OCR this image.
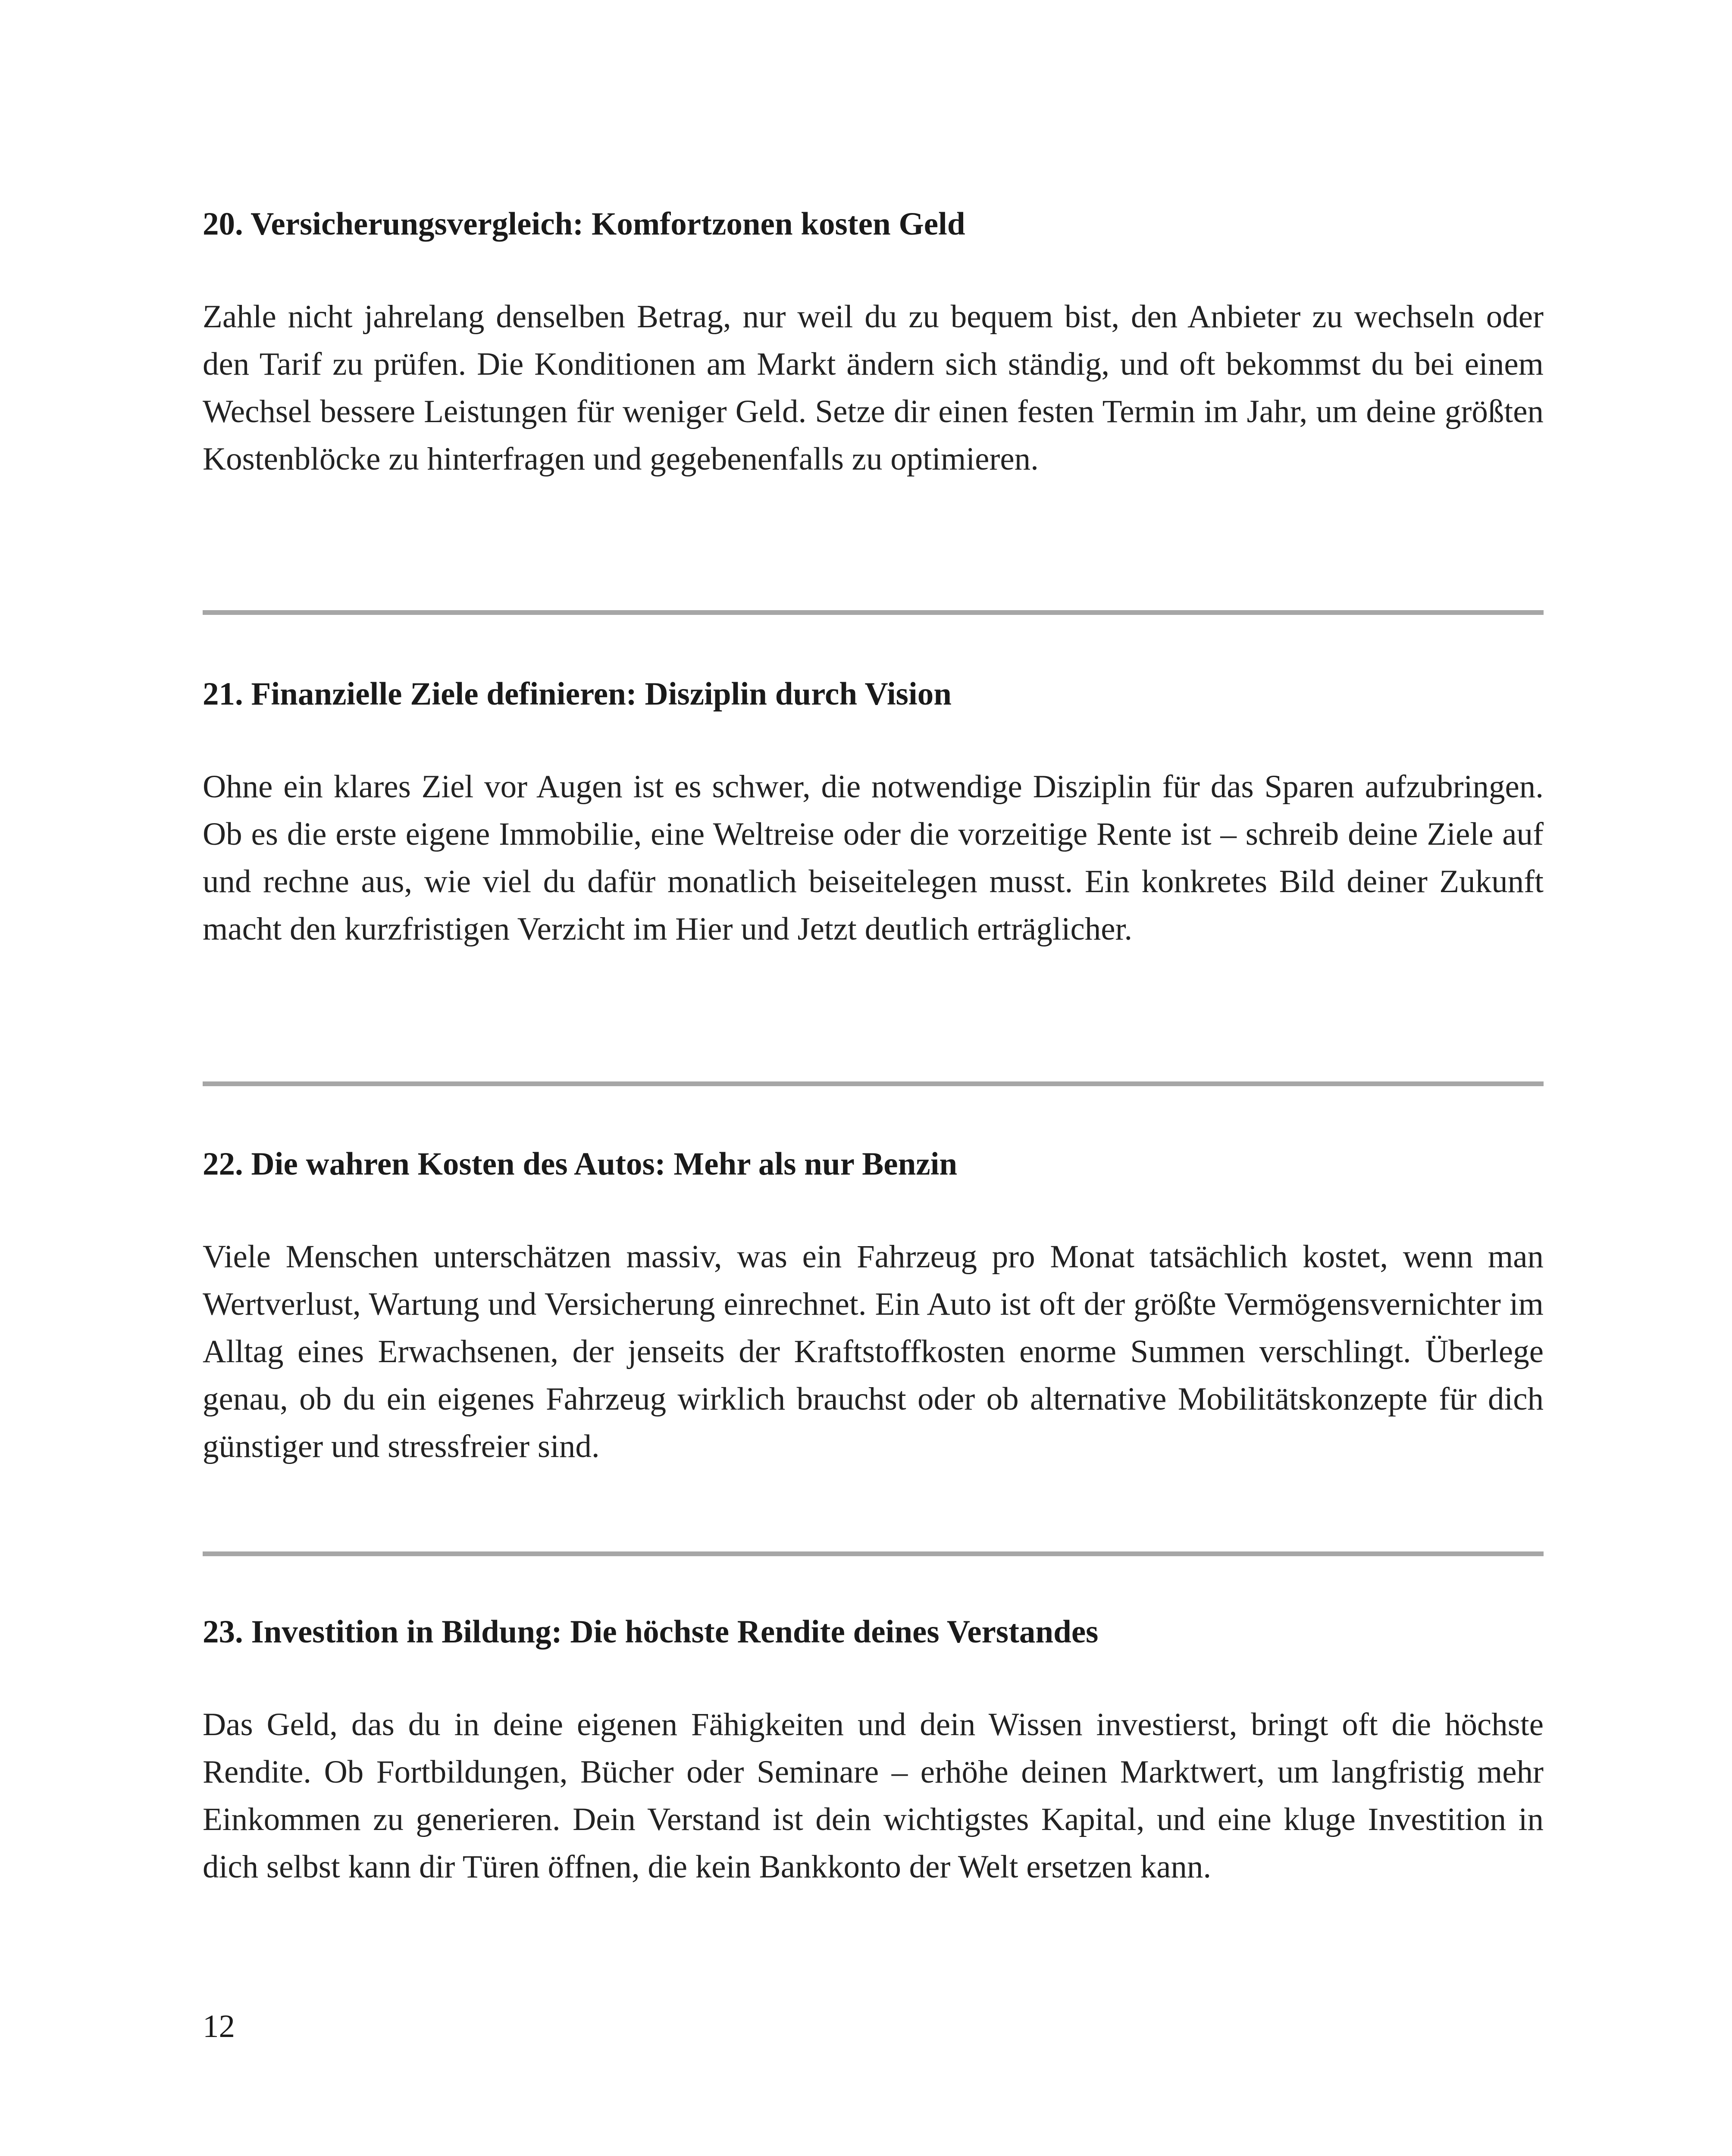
20. Versicherungsvergleich: Komfortzonen kosten Geld

Zahle nicht jahrelang denselben Betrag, nur weil du zu bequem bist, den Anbieter zu wechseln oder den Tarif zu prüfen. Die Konditionen am Markt ändern sich ständig, und oft bekommst du bei einem Wechsel bessere Leistungen für weniger Geld. Setze dir einen festen Termin im Jahr, um deine größten Kostenblöcke zu hinterfragen und gegebenenfalls zu optimieren.

21. Finanzielle Ziele definieren: Disziplin durch Vision

Ohne ein klares Ziel vor Augen ist es schwer, die notwendige Disziplin für das Sparen aufzubringen. Ob es die erste eigene Immobilie, eine Weltreise oder die vorzeitige Rente ist – schreib deine Ziele auf und rechne aus, wie viel du dafür monatlich beiseitelegen musst. Ein konkretes Bild deiner Zukunft macht den kurzfristigen Verzicht im Hier und Jetzt deutlich erträglicher.

22. Die wahren Kosten des Autos: Mehr als nur Benzin

Viele Menschen unterschätzen massiv, was ein Fahrzeug pro Monat tatsächlich kostet, wenn man Wertverlust, Wartung und Versicherung einrechnet. Ein Auto ist oft der größte Vermögensvernichter im Alltag eines Erwachsenen, der jenseits der Kraftstoffkosten enorme Summen verschlingt. Überlege genau, ob du ein eigenes Fahrzeug wirklich brauchst oder ob alternative Mobilitätskonzepte für dich günstiger und stressfreier sind.

23. Investition in Bildung: Die höchste Rendite deines Verstandes

Das Geld, das du in deine eigenen Fähigkeiten und dein Wissen investierst, bringt oft die höchste Rendite. Ob Fortbildungen, Bücher oder Seminare – erhöhe deinen Marktwert, um langfristig mehr Einkommen zu generieren. Dein Verstand ist dein wichtigstes Kapital, und eine kluge Investition in dich selbst kann dir Türen öffnen, die kein Bankkonto der Welt ersetzen kann.

12
